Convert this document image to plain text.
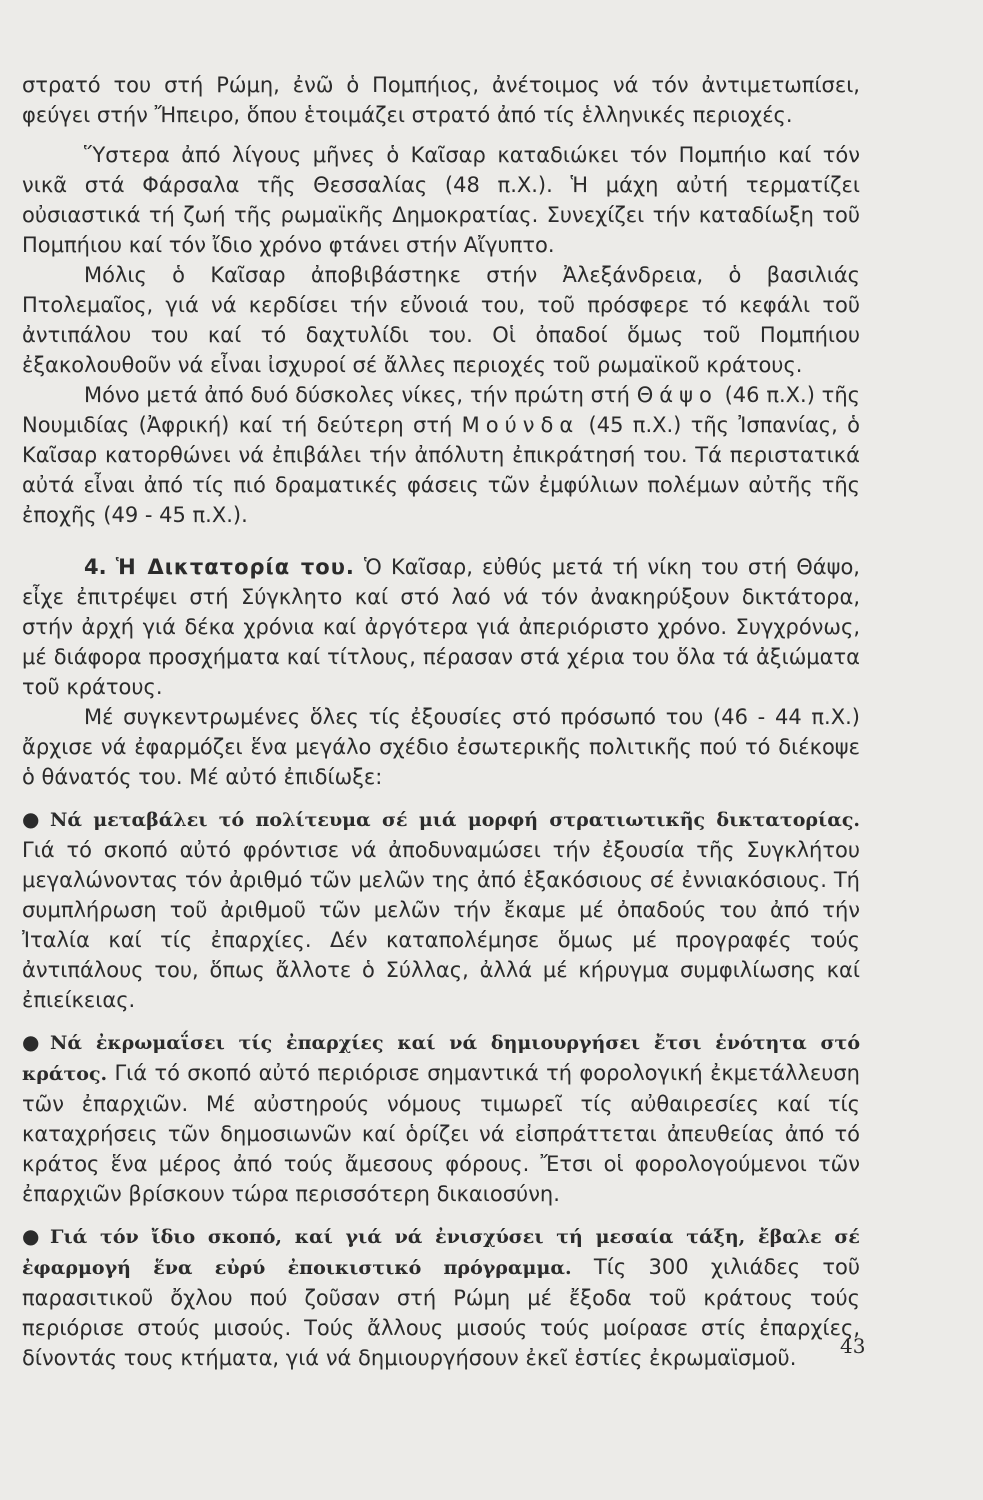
στρατό του στή Ρώμη, ἐνῶ ὁ Πομπήιος, ἀνέτοιμος νά τόν ἀντιμετωπίσει, φεύγει στήν Ἤπειρο, ὅπου ἑτοιμάζει στρατό ἀπό τίς ἑλληνικές περιοχές.

Ὕστερα ἀπό λίγους μῆνες ὁ Καῖσαρ καταδιώκει τόν Πομπήιο καί τόν νικᾶ στά Φάρσαλα τῆς Θεσσαλίας (48 π.Χ.). Ἡ μάχη αὐτή τερματίζει οὐσιαστικά τή ζωή τῆς ρωμαϊκῆς Δημοκρατίας. Συνεχίζει τήν καταδίωξη τοῦ Πομπήιου καί τόν ἴδιο χρόνο φτάνει στήν Αἴγυπτο.

Μόλις ὁ Καῖσαρ ἀποβιβάστηκε στήν Ἀλεξάνδρεια, ὁ βασιλιάς Πτολεμαῖος, γιά νά κερδίσει τήν εὔνοιά του, τοῦ πρόσφερε τό κεφάλι τοῦ ἀντιπάλου του καί τό δαχτυλίδι του. Οἱ ὀπαδοί ὅμως τοῦ Πομπήιου ἐξακολουθοῦν νά εἶναι ἰσχυροί σέ ἄλλες περιοχές τοῦ ρωμαϊκοῦ κράτους.

Μόνο μετά ἀπό δυό δύσκολες νίκες, τήν πρώτη στή Θάψο (46 π.Χ.) τῆς Νουμιδίας (Ἀφρική) καί τή δεύτερη στή Μούνδα (45 π.Χ.) τῆς Ἰσπανίας, ὁ Καῖσαρ κατορθώνει νά ἐπιβάλει τήν ἀπόλυτη ἐπικράτησή του. Τά περιστατικά αὐτά εἶναι ἀπό τίς πιό δραματικές φάσεις τῶν ἐμφύλιων πολέμων αὐτῆς τῆς ἐποχῆς (49 - 45 π.Χ.).

4. Ἡ Δικτατορία του. Ὁ Καῖσαρ, εὐθύς μετά τή νίκη του στή Θάψο, εἶχε ἐπιτρέψει στή Σύγκλητο καί στό λαό νά τόν ἀνακηρύξουν δικτάτορα, στήν ἀρχή γιά δέκα χρόνια καί ἀργότερα γιά ἀπεριόριστο χρόνο. Συγχρόνως, μέ διάφορα προσχήματα καί τίτλους, πέρασαν στά χέρια του ὅλα τά ἀξιώματα τοῦ κράτους.

Μέ συγκεντρωμένες ὅλες τίς ἐξουσίες στό πρόσωπό του (46 - 44 π.Χ.) ἄρχισε νά ἐφαρμόζει ἕνα μεγάλο σχέδιο ἐσωτερικῆς πολιτικῆς πού τό διέκοψε ὁ θάνατός του. Μέ αὐτό ἐπιδίωξε:

● Νά μεταβάλει τό πολίτευμα σέ μιά μορφή στρατιωτικῆς δικτατορίας. Γιά τό σκοπό αὐτό φρόντισε νά ἀποδυναμώσει τήν ἐξουσία τῆς Συγκλήτου μεγαλώνοντας τόν ἀριθμό τῶν μελῶν της ἀπό ἑξακόσιους σέ ἐννιακόσιους. Τή συμπλήρωση τοῦ ἀριθμοῦ τῶν μελῶν τήν ἔκαμε μέ ὀπαδούς του ἀπό τήν Ἰταλία καί τίς ἐπαρχίες. Δέν καταπολέμησε ὅμως μέ προγραφές τούς ἀντιπάλους του, ὅπως ἄλλοτε ὁ Σύλλας, ἀλλά μέ κήρυγμα συμφιλίωσης καί ἐπιείκειας.

● Νά ἐκρωμαΐσει τίς ἐπαρχίες καί νά δημιουργήσει ἔτσι ἑνότητα στό κράτος. Γιά τό σκοπό αὐτό περιόρισε σημαντικά τή φορολογική ἐκμετάλλευση τῶν ἐπαρχιῶν. Μέ αὐστηρούς νόμους τιμωρεῖ τίς αὐθαιρεσίες καί τίς καταχρήσεις τῶν δημοσιωνῶν καί ὁρίζει νά εἰσπράττεται ἀπευθείας ἀπό τό κράτος ἕνα μέρος ἀπό τούς ἄμεσους φόρους. Ἔτσι οἱ φορολογούμενοι τῶν ἐπαρχιῶν βρίσκουν τώρα περισσότερη δικαιοσύνη.

● Γιά τόν ἴδιο σκοπό, καί γιά νά ἐνισχύσει τή μεσαία τάξη, ἔβαλε σέ ἐφαρμογή ἕνα εὐρύ ἐποικιστικό πρόγραμμα. Τίς 300 χιλιάδες τοῦ παρασιτικοῦ ὄχλου πού ζοῦσαν στή Ρώμη μέ ἔξοδα τοῦ κράτους τούς περιόρισε στούς μισούς. Τούς ἄλλους μισούς τούς μοίρασε στίς ἐπαρχίες, δίνοντάς τους κτήματα, γιά νά δημιουργήσουν ἐκεῖ ἑστίες ἐκρωμαϊσμοῦ.	43
